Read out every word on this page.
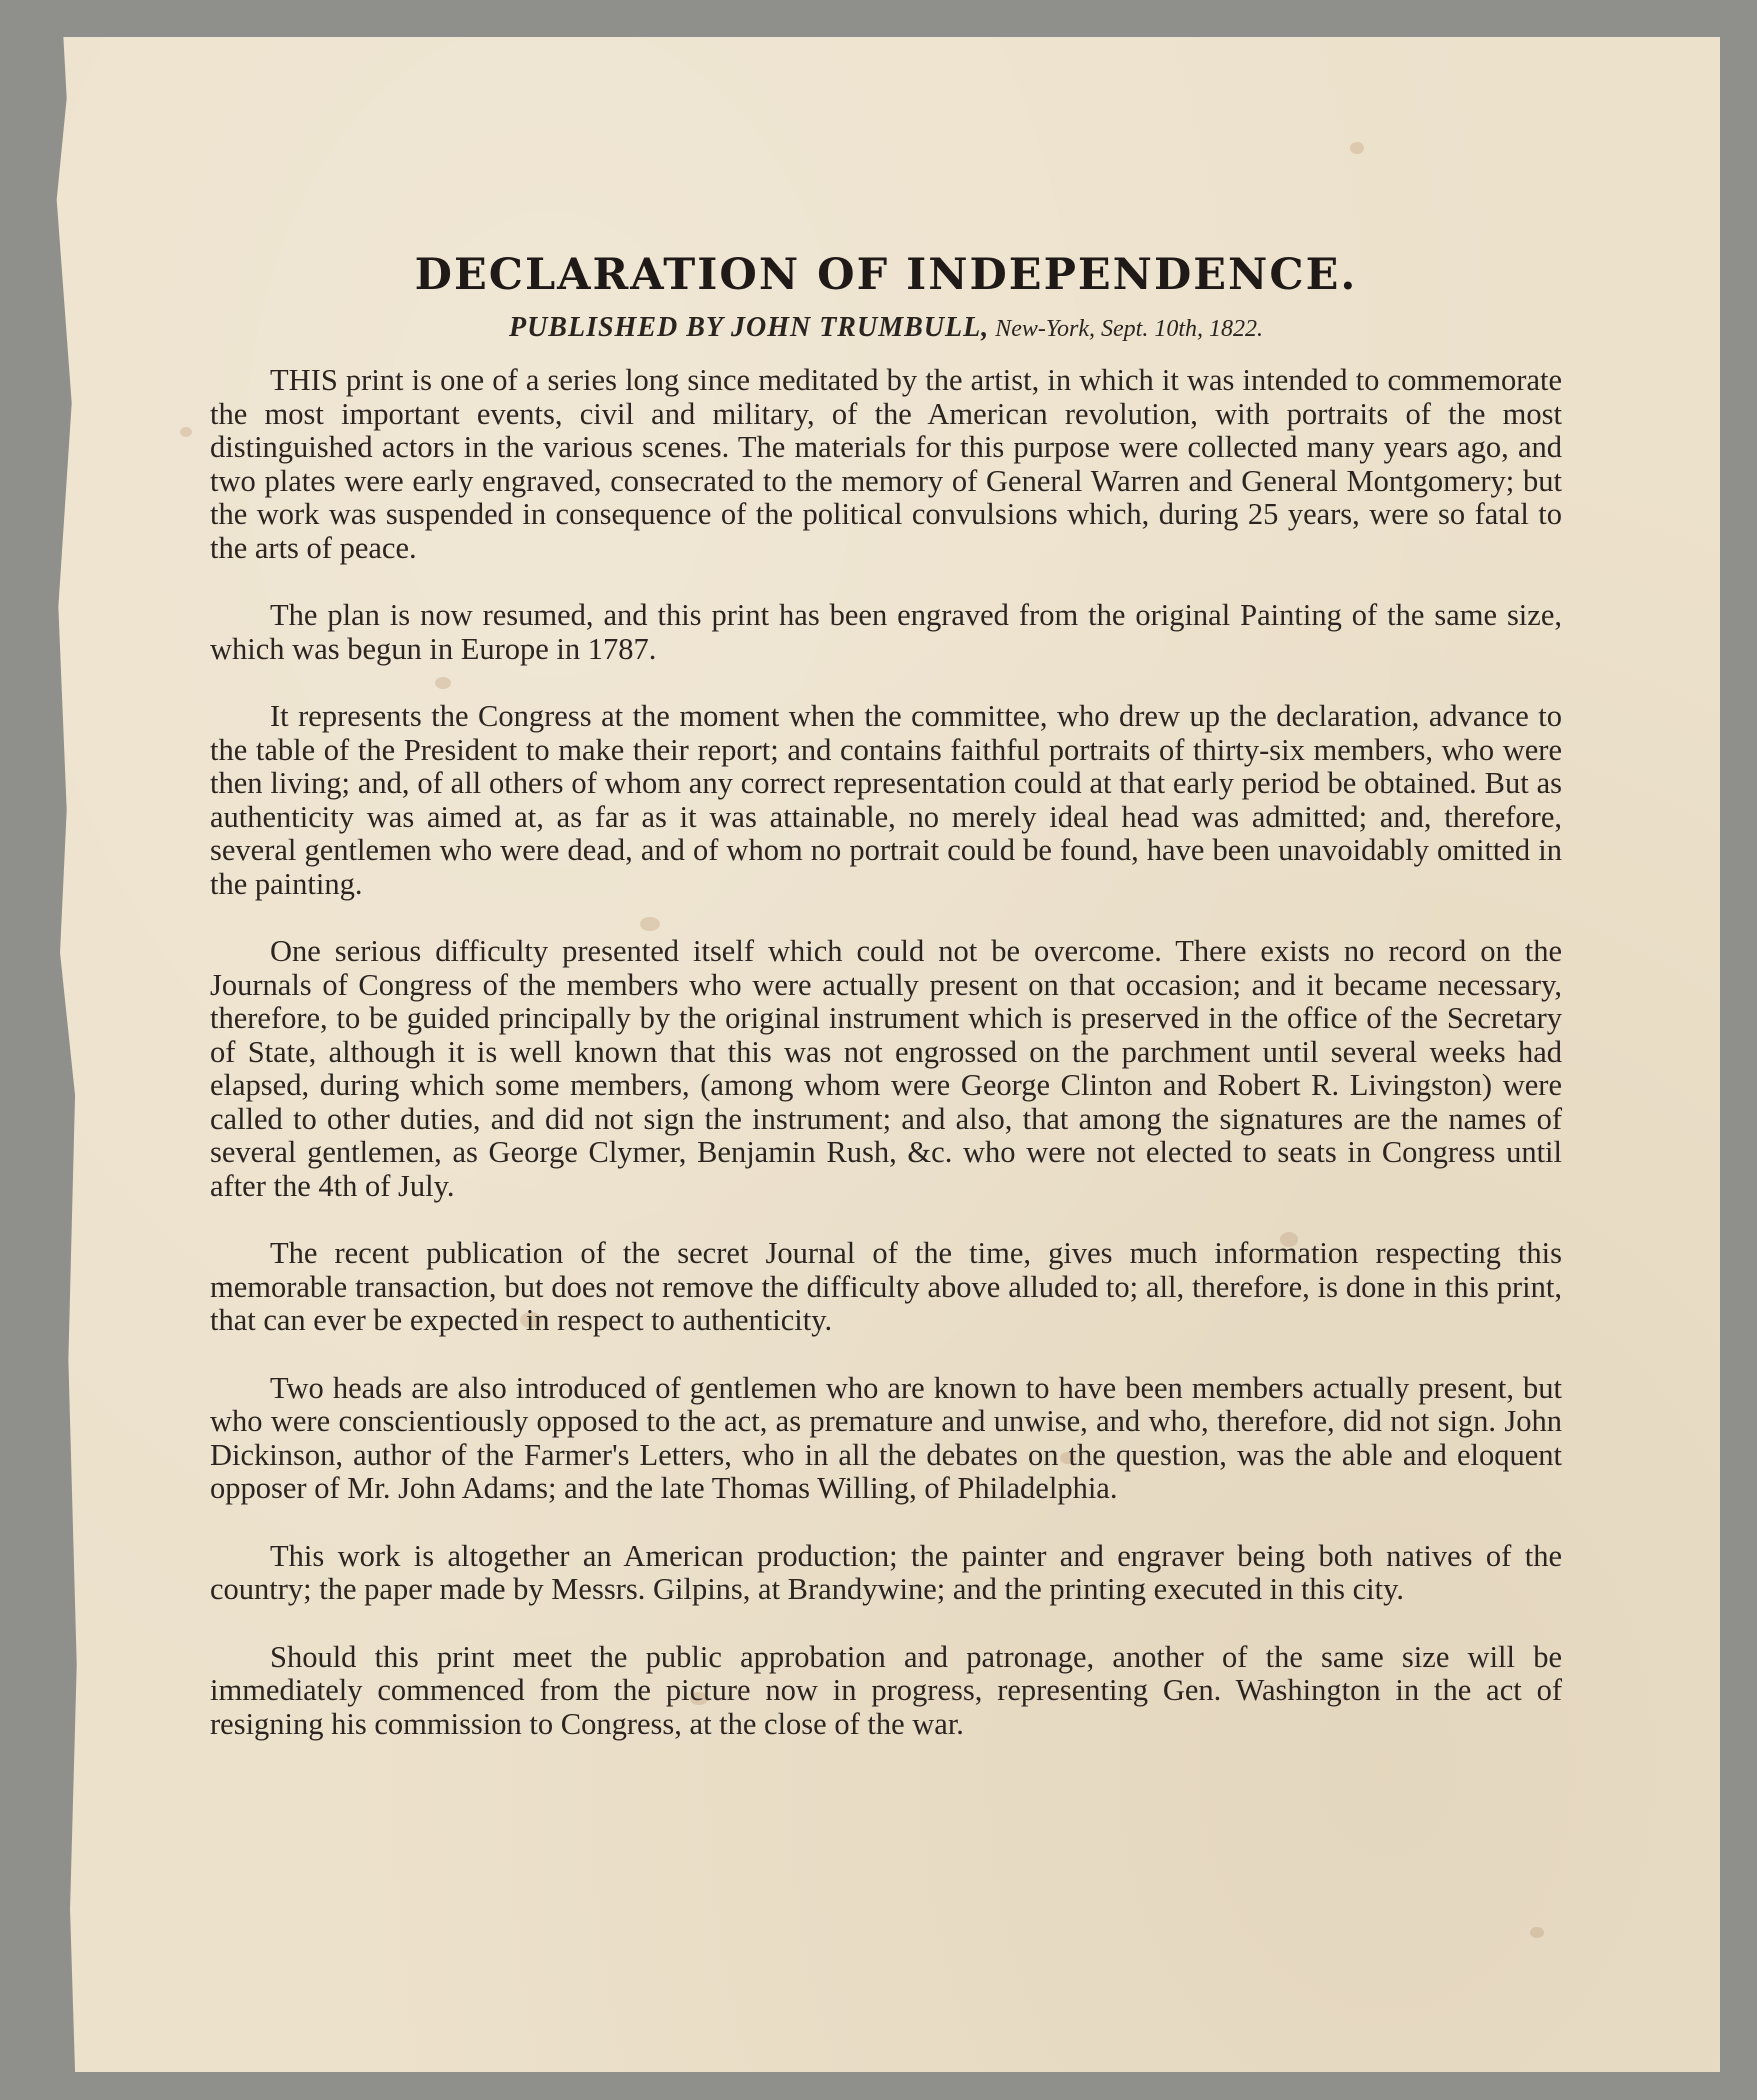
DECLARATION OF INDEPENDENCE.
PUBLISHED BY JOHN TRUMBULL, New-York, Sept. 10th, 1822.

THIS print is one of a series long since meditated by the artist, in which it was intended to commemorate the most important events, civil and military, of the American revolution, with portraits of the most distinguished actors in the various scenes. The materials for this purpose were collected many years ago, and two plates were early engraved, consecrated to the memory of General Warren and General Montgomery; but the work was suspended in consequence of the political convulsions which, during 25 years, were so fatal to the arts of peace.

The plan is now resumed, and this print has been engraved from the original Painting of the same size, which was begun in Europe in 1787.

It represents the Congress at the moment when the committee, who drew up the declaration, advance to the table of the President to make their report; and contains faithful portraits of thirty-six members, who were then living; and, of all others of whom any correct representation could at that early period be obtained. But as authenticity was aimed at, as far as it was attainable, no merely ideal head was admitted; and, therefore, several gentlemen who were dead, and of whom no portrait could be found, have been unavoidably omitted in the painting.

One serious difficulty presented itself which could not be overcome. There exists no record on the Journals of Congress of the members who were actually present on that occasion; and it became necessary, therefore, to be guided principally by the original instrument which is preserved in the office of the Secretary of State, although it is well known that this was not engrossed on the parchment until several weeks had elapsed, during which some members, (among whom were George Clinton and Robert R. Livingston) were called to other duties, and did not sign the instrument; and also, that among the signatures are the names of several gentlemen, as George Clymer, Benjamin Rush, &c. who were not elected to seats in Congress until after the 4th of July.

The recent publication of the secret Journal of the time, gives much information respecting this memorable transaction, but does not remove the difficulty above alluded to; all, therefore, is done in this print, that can ever be expected in respect to authenticity.

Two heads are also introduced of gentlemen who are known to have been members actually present, but who were conscientiously opposed to the act, as premature and unwise, and who, therefore, did not sign. John Dickinson, author of the Farmer's Letters, who in all the debates on the question, was the able and eloquent opposer of Mr. John Adams; and the late Thomas Willing, of Philadelphia.

This work is altogether an American production; the painter and engraver being both natives of the country; the paper made by Messrs. Gilpins, at Brandywine; and the printing executed in this city.

Should this print meet the public approbation and patronage, another of the same size will be immediately commenced from the picture now in progress, representing Gen. Washington in the act of resigning his commission to Congress, at the close of the war.
